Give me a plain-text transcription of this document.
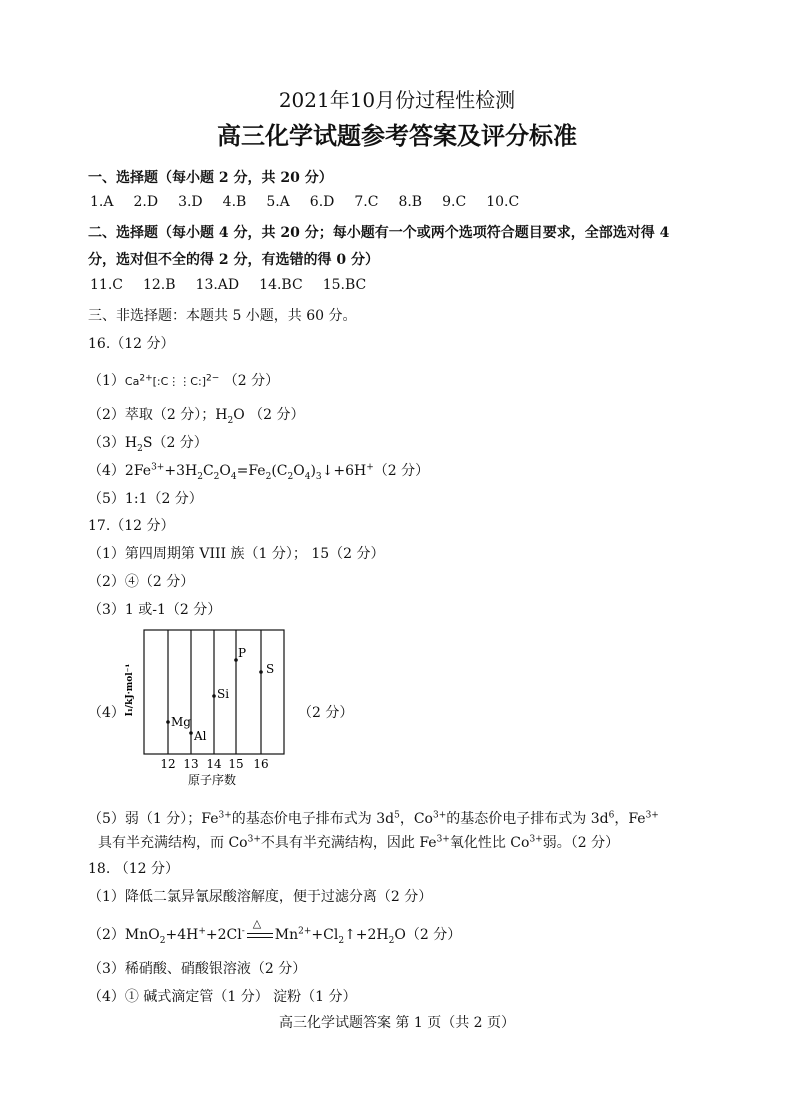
2021年10月份过程性检测
高三化学试题参考答案及评分标准
一、选择题（每小题 2 分，共 20 分）
1.A 2.D 3.D 4.B 5.A 6.D 7.C 8.B 9.C 10.C
二、选择题（每小题 4 分，共 20 分；每小题有一个或两个选项符合题目要求，全部选对得 4
分，选对但不全的得 2 分，有选错的得 0 分）
11.C 12.B 13.AD 14.BC 15.BC
三、非选择题：本题共 5 小题，共 60 分。
16.（12 分）
$(1)Ca^{2+}[:C⋮⋮C:]^{2-}$ （2 分）
（2）萃取（2 分）；$H_2O$ （2 分）
$(3)H_2S(2$ 分）
$(4)2Fe^{3+}+3H_2C_2O_4=Fe_2(C_2O_4)_3↓+6H^+(2$ 分）
（5）1:1（2 分）
17.（12 分）
（1）第四周期第 VIII 族（1 分）； 15（2 分）
（2）④（2 分）
（3）1 或-1（2 分）
（4）	（2 分）
12 13 14 15 16
原子序数
I₁/kJ·mol⁻¹
Mg
Al
Si
P
S
（5）弱（1 分）；$Fe^{3+}$的基态价电子排布式为 $3d^5$，$Co^{3+}$的基态价电子排布式为 $3d^6$，$Fe^{3+}$
具有半充满结构，而 $Co^{3+}$不具有半充满结构，因此 $Fe^{3+}$氧化性比 $Co^{3+}$弱。（2 分）
18. （12 分）
（1）降低二氯异氰尿酸溶解度，便于过滤分离（2 分）
（2）MnO$_2$+4H++2Cl-
△
$Mn^{2+}+Cl_2↑+2H_2O(2$ 分）
（3）稀硝酸、硝酸银溶液（2 分）
（4）① 碱式滴定管（1 分） 淀粉（1 分）
高三化学试题答案 第 1 页（共 2 页）
